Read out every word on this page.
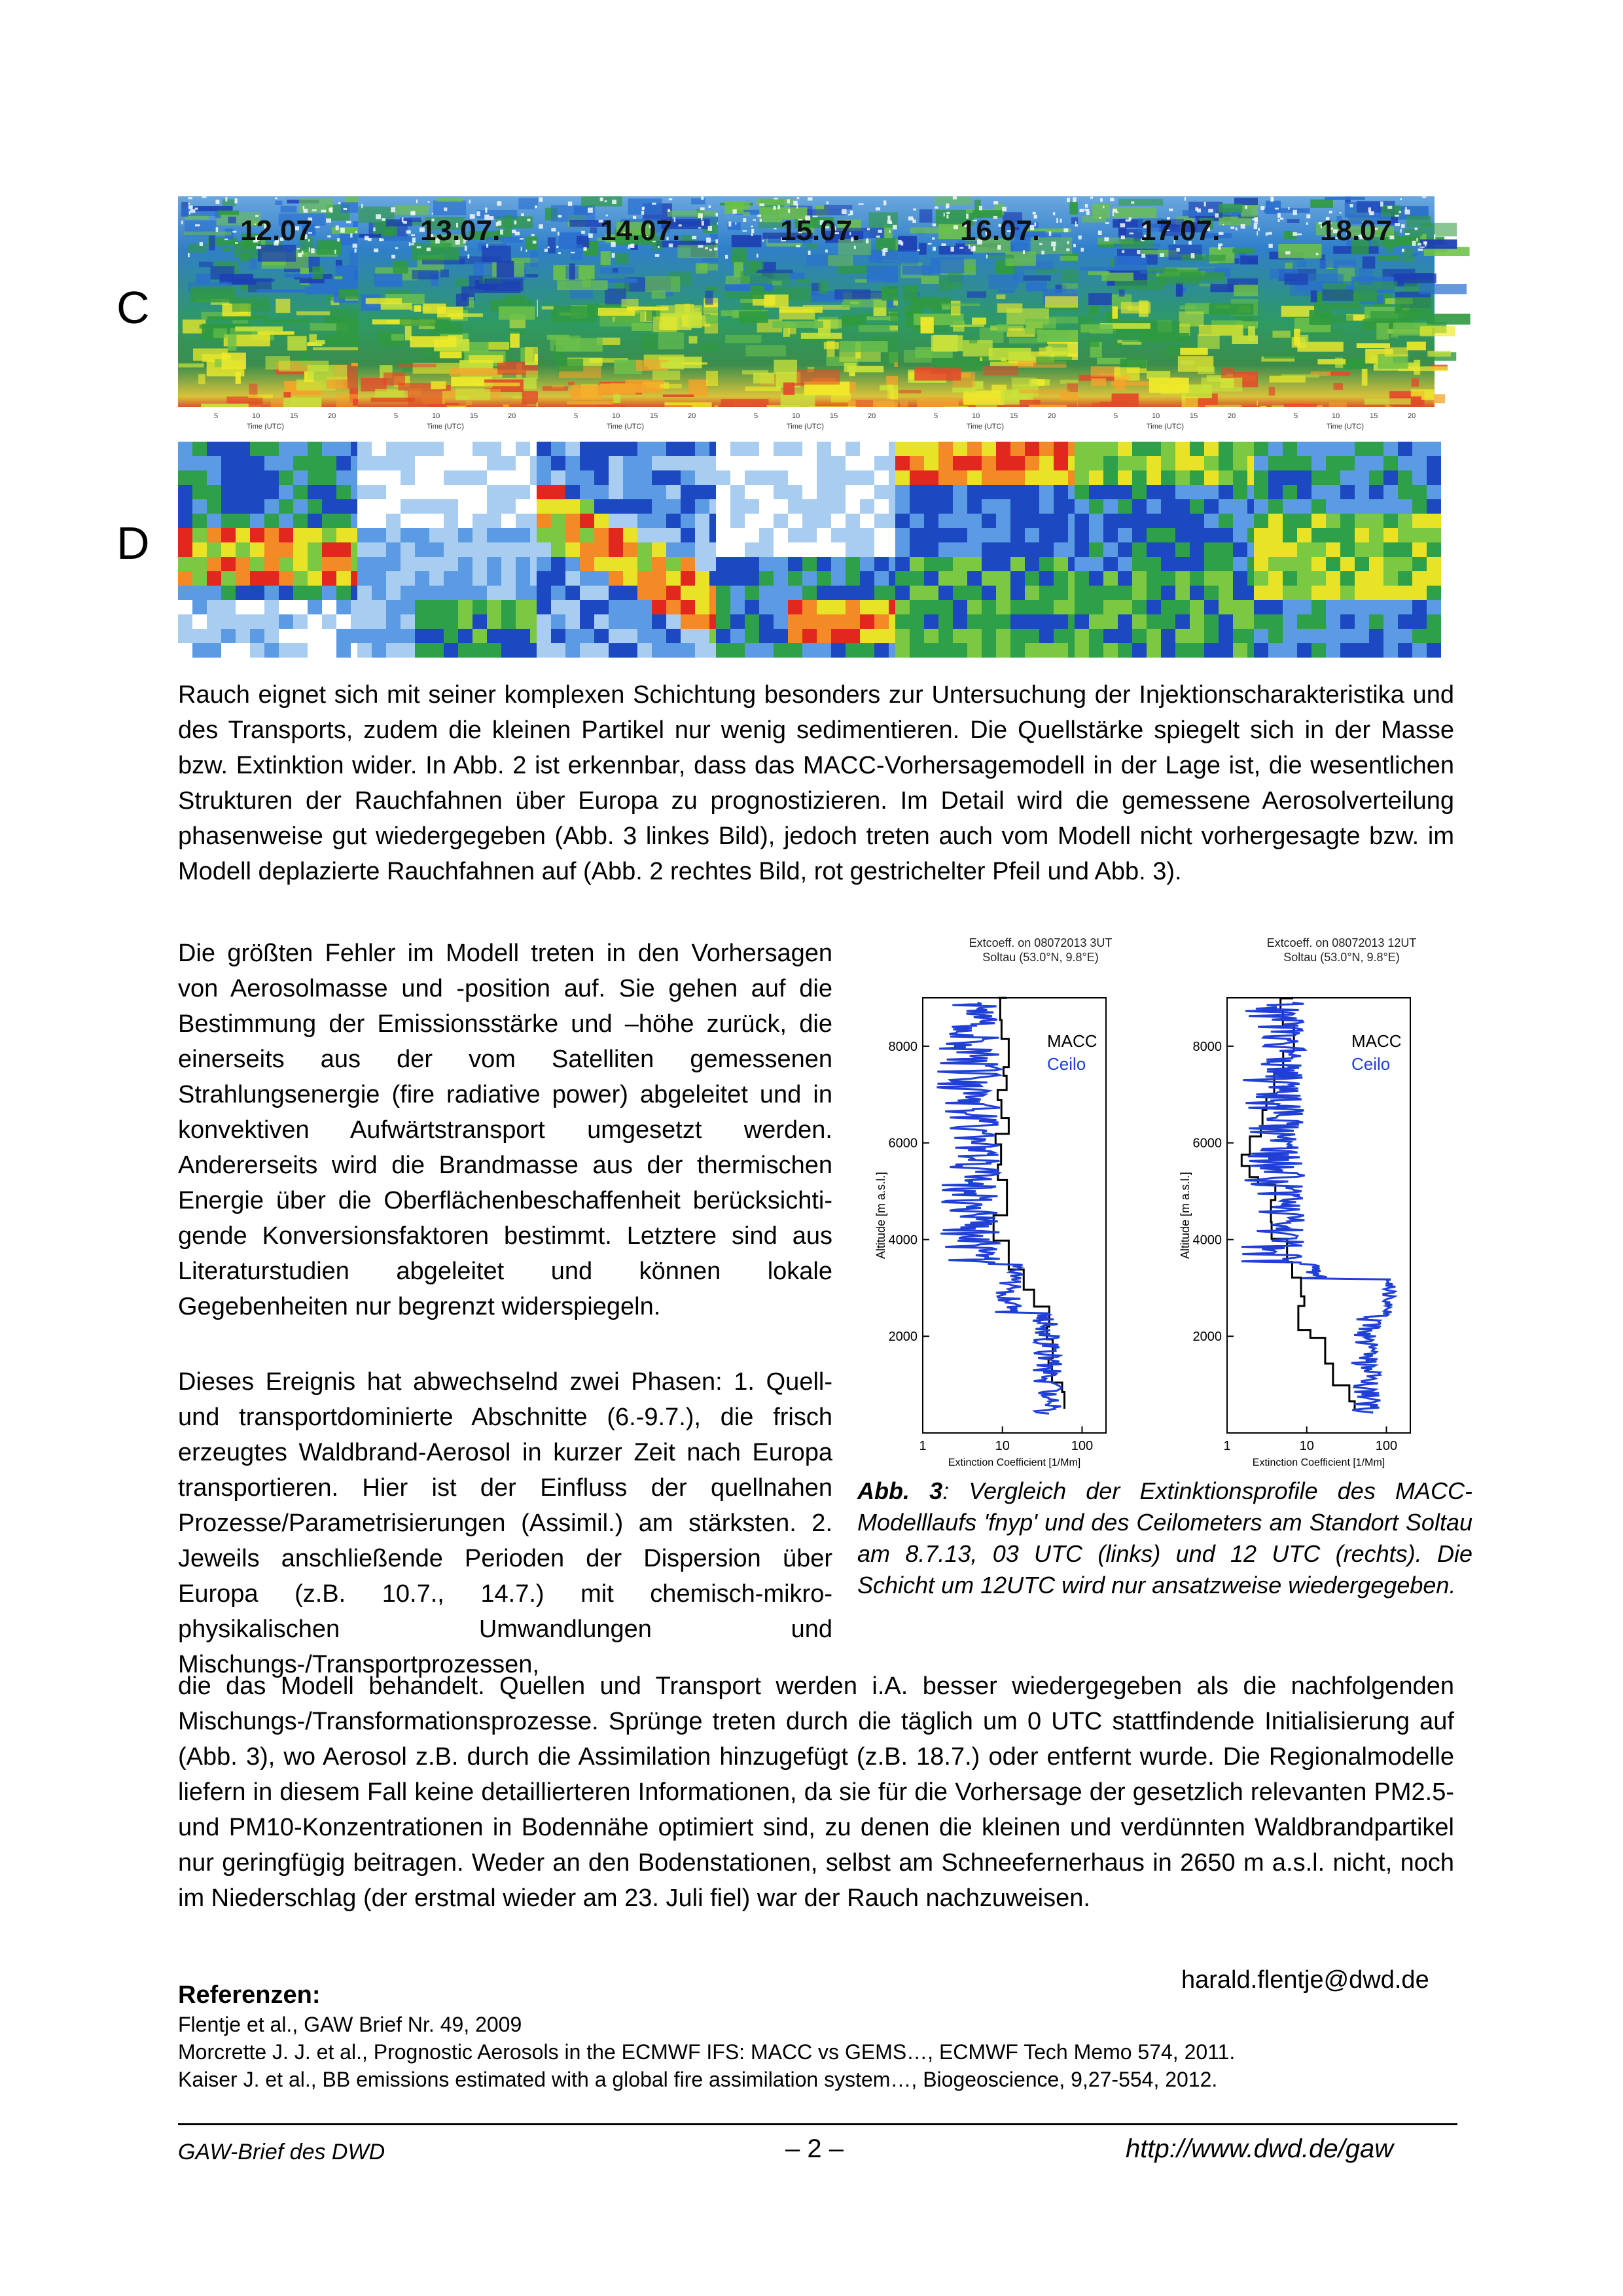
C
D
12.07
5	10	15	20
Time (UTC)
13.07.
5	10	15	20
Time (UTC)
14.07.
5	10	15	20
Time (UTC)
15.07.
5	10	15	20
Time (UTC)
16.07.
5	10	15	20
Time (UTC)
17.07.
5	10	15	20
Time (UTC)
18.07
5	10	15	20
Time (UTC)

Rauch eignet sich mit seiner komplexen Schichtung besonders zur Untersuchung der Injektionscharakteristika und des Transports, zudem die kleinen Partikel nur wenig sedimentieren. Die Quellstärke spiegelt sich in der Masse bzw. Extinktion wider. In Abb. 2 ist erkennbar, dass das MACC-Vorhersagemodell in der Lage ist, die wesentlichen Strukturen der Rauchfahnen über Europa zu prognostizieren. Im Detail wird die gemessene Aerosolverteilung phasenweise gut wiedergegeben (Abb. 3 linkes Bild), jedoch treten auch vom Modell nicht vorhergesagte bzw. im Modell deplazierte Rauchfahnen auf (Abb. 2 rechtes Bild, rot gestrichelter Pfeil und Abb. 3).

Die größten Fehler im Modell treten in den Vorhersagen von Aerosolmasse und -position auf. Sie gehen auf die Bestimmung der Emissionsstärke und –höhe zurück, die einerseits aus der vom Satelliten gemessenen Strahlungsenergie (fire radiative power) abgeleitet und in konvektiven Aufwärtstransport umgesetzt werden. Andererseits wird die Brandmasse aus der thermischen Energie über die Oberflächenbeschaffenheit berücksichtigende Konversionsfaktoren bestimmt. Letztere sind aus Literaturstudien abgeleitet und können lokale Gegebenheiten nur begrenzt widerspiegeln.

Dieses Ereignis hat abwechselnd zwei Phasen: 1. Quell- und transportdominierte Abschnitte (6.-9.7.), die frisch erzeugtes Waldbrand-Aerosol in kurzer Zeit nach Europa transportieren. Hier ist der Einfluss der quellnahen Prozesse/Parametrisierungen (Assimil.) am stärksten. 2. Jeweils anschließende Perioden der Dispersion über Europa (z.B. 10.7., 14.7.) mit chemisch-mikro-physikalischen Umwandlungen und Mischungs-/Transportprozessen,

die das Modell behandelt. Quellen und Transport werden i.A. besser wiedergegeben als die nachfolgenden Mischungs-/Transformationsprozesse. Sprünge treten durch die täglich um 0 UTC stattfindende Initialisierung auf (Abb. 3), wo Aerosol z.B. durch die Assimilation hinzugefügt (z.B. 18.7.) oder entfernt wurde. Die Regionalmodelle liefern in diesem Fall keine detaillierteren Informationen, da sie für die Vorhersage der gesetzlich relevanten PM2.5- und PM10-Konzentrationen in Bodennähe optimiert sind, zu denen die kleinen und verdünnten Waldbrandpartikel nur geringfügig beitragen. Weder an den Bodenstationen, selbst am Schneefernerhaus in 2650 m a.s.l. nicht, noch im Niederschlag (der erstmal wieder am 23. Juli fiel) war der Rauch nachzuweisen.

Extcoeff. on 08072013 3UT
Soltau (53.0°N, 9.8°E)
Extcoeff. on 08072013 12UT
Soltau (53.0°N, 9.8°E)
8000
6000
4000
2000
1	10	100
Extinction Coefficient [1/Mm]
Altitude [m a.s.l.]
MACC
Ceilo
8000
6000
4000
2000
1	10	100
Extinction Coefficient [1/Mm]
Altitude [m a.s.l.]
MACC
Ceilo
Abb. 3: Vergleich der Extinktionsprofile des MACC-Modelllaufs 'fnyp' und des Ceilometers am Standort Soltau am 8.7.13, 03 UTC (links) und 12 UTC (rechts). Die Schicht um 12UTC wird nur ansatzweise wiedergegeben.
harald.flentje@dwd.de
Referenzen:
Flentje et al., GAW Brief Nr. 49, 2009
Morcrette J. J. et al., Prognostic Aerosols in the ECMWF IFS: MACC vs GEMS…, ECMWF Tech Memo 574, 2011.
Kaiser J. et al., BB emissions estimated with a global fire assimilation system…, Biogeoscience, 9,27-554, 2012.
GAW-Brief des DWD	– 2 –	http://www.dwd.de/gaw
